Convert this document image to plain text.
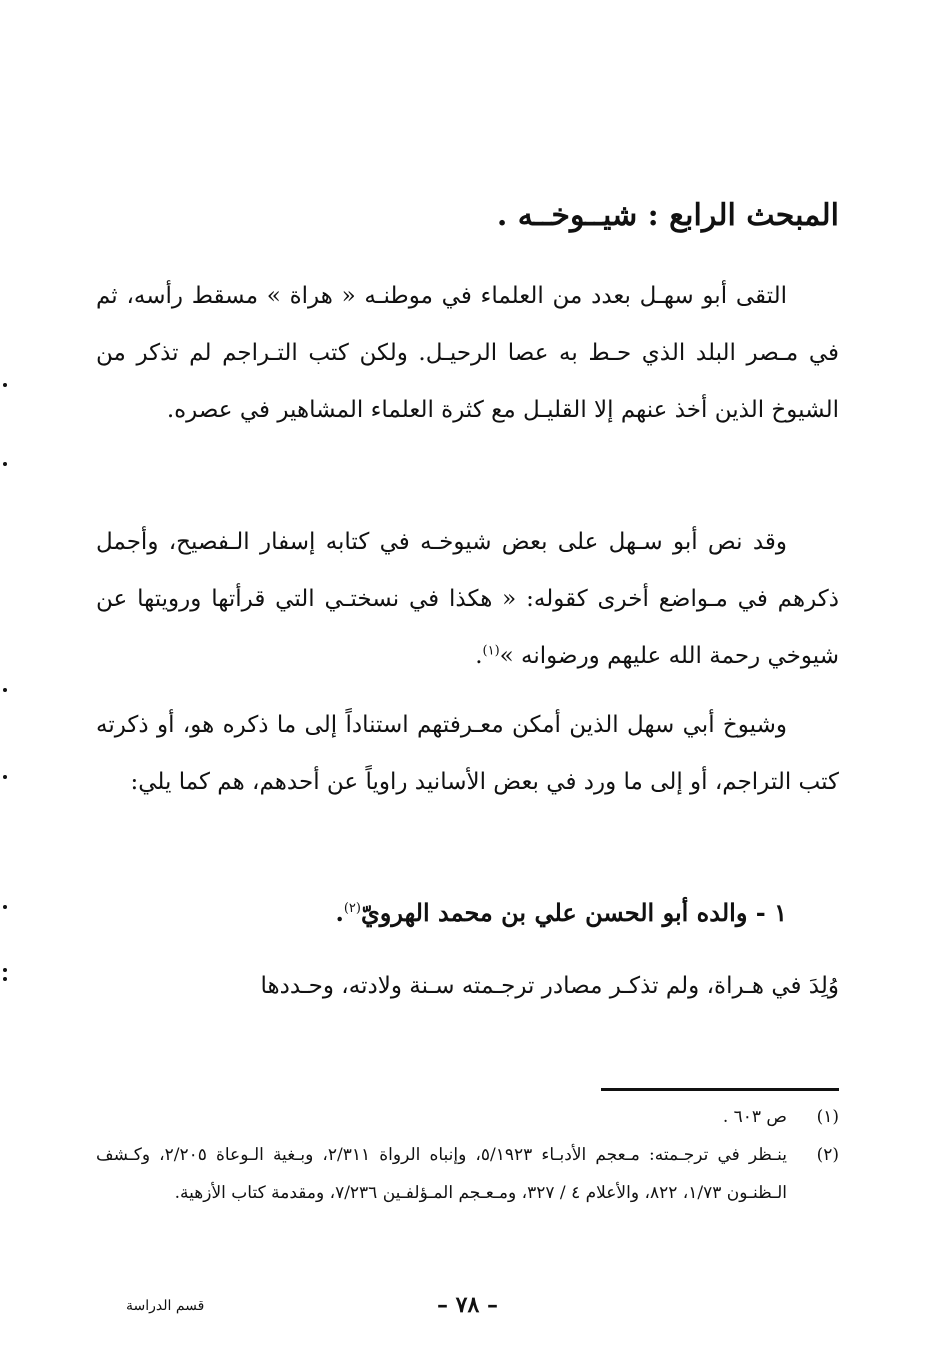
المبحث الرابع : شيــوخــه .
التقى أبو سهـل بعدد من العلماء في موطنـه « هراة » مسقط رأسه، ثم في مـصر البلد الذي حـط به عصا الرحيـل. ولكن كتب التـراجم لم تذكر من الشيوخ الذين أخذ عنهم إلا القليـل مع كثرة العلماء المشاهير في عصره.
وقد نص أبو سـهل على بعض شيوخـه في كتابه إسفار الـفصيح، وأجمل ذكرهم في مـواضع أخرى كقوله: « هكذا في نسختـي التي قرأتها ورويتها عن شيوخي رحمة الله عليهم ورضوانه »$^{(١)}$.
وشيوخ أبي سهل الذين أمكن معـرفتهم استناداً إلى ما ذكره هو، أو ذكرته كتب التراجم، أو إلى ما ورد في بعض الأسانيد راوياً عن أحدهم، هم كما يلي:
١ - والده أبو الحسن علي بن محمد الهرويّ$^{(٢)}$.
وُلِدَ في هـراة، ولم تذكـر مصادر ترجـمته سـنة ولادته، وحـددها
(١)
ص ٦٠٣ .
(٢)
ينـظر في ترجـمته: مـعجم الأدبـاء ٥/١٩٢٣، وإنباه الرواة ٢/٣١١، وبـغية الـوعاة ٢/٢٠٥، وكـشف الـظنـون ١/٧٣، ٨٢٢، والأعلام ٤ / ٣٢٧، ومـعـجم المـؤلفـين ٧/٢٣٦، ومقدمة كتاب الأزهية.
– ٧٨ –
قسم الدراسة
